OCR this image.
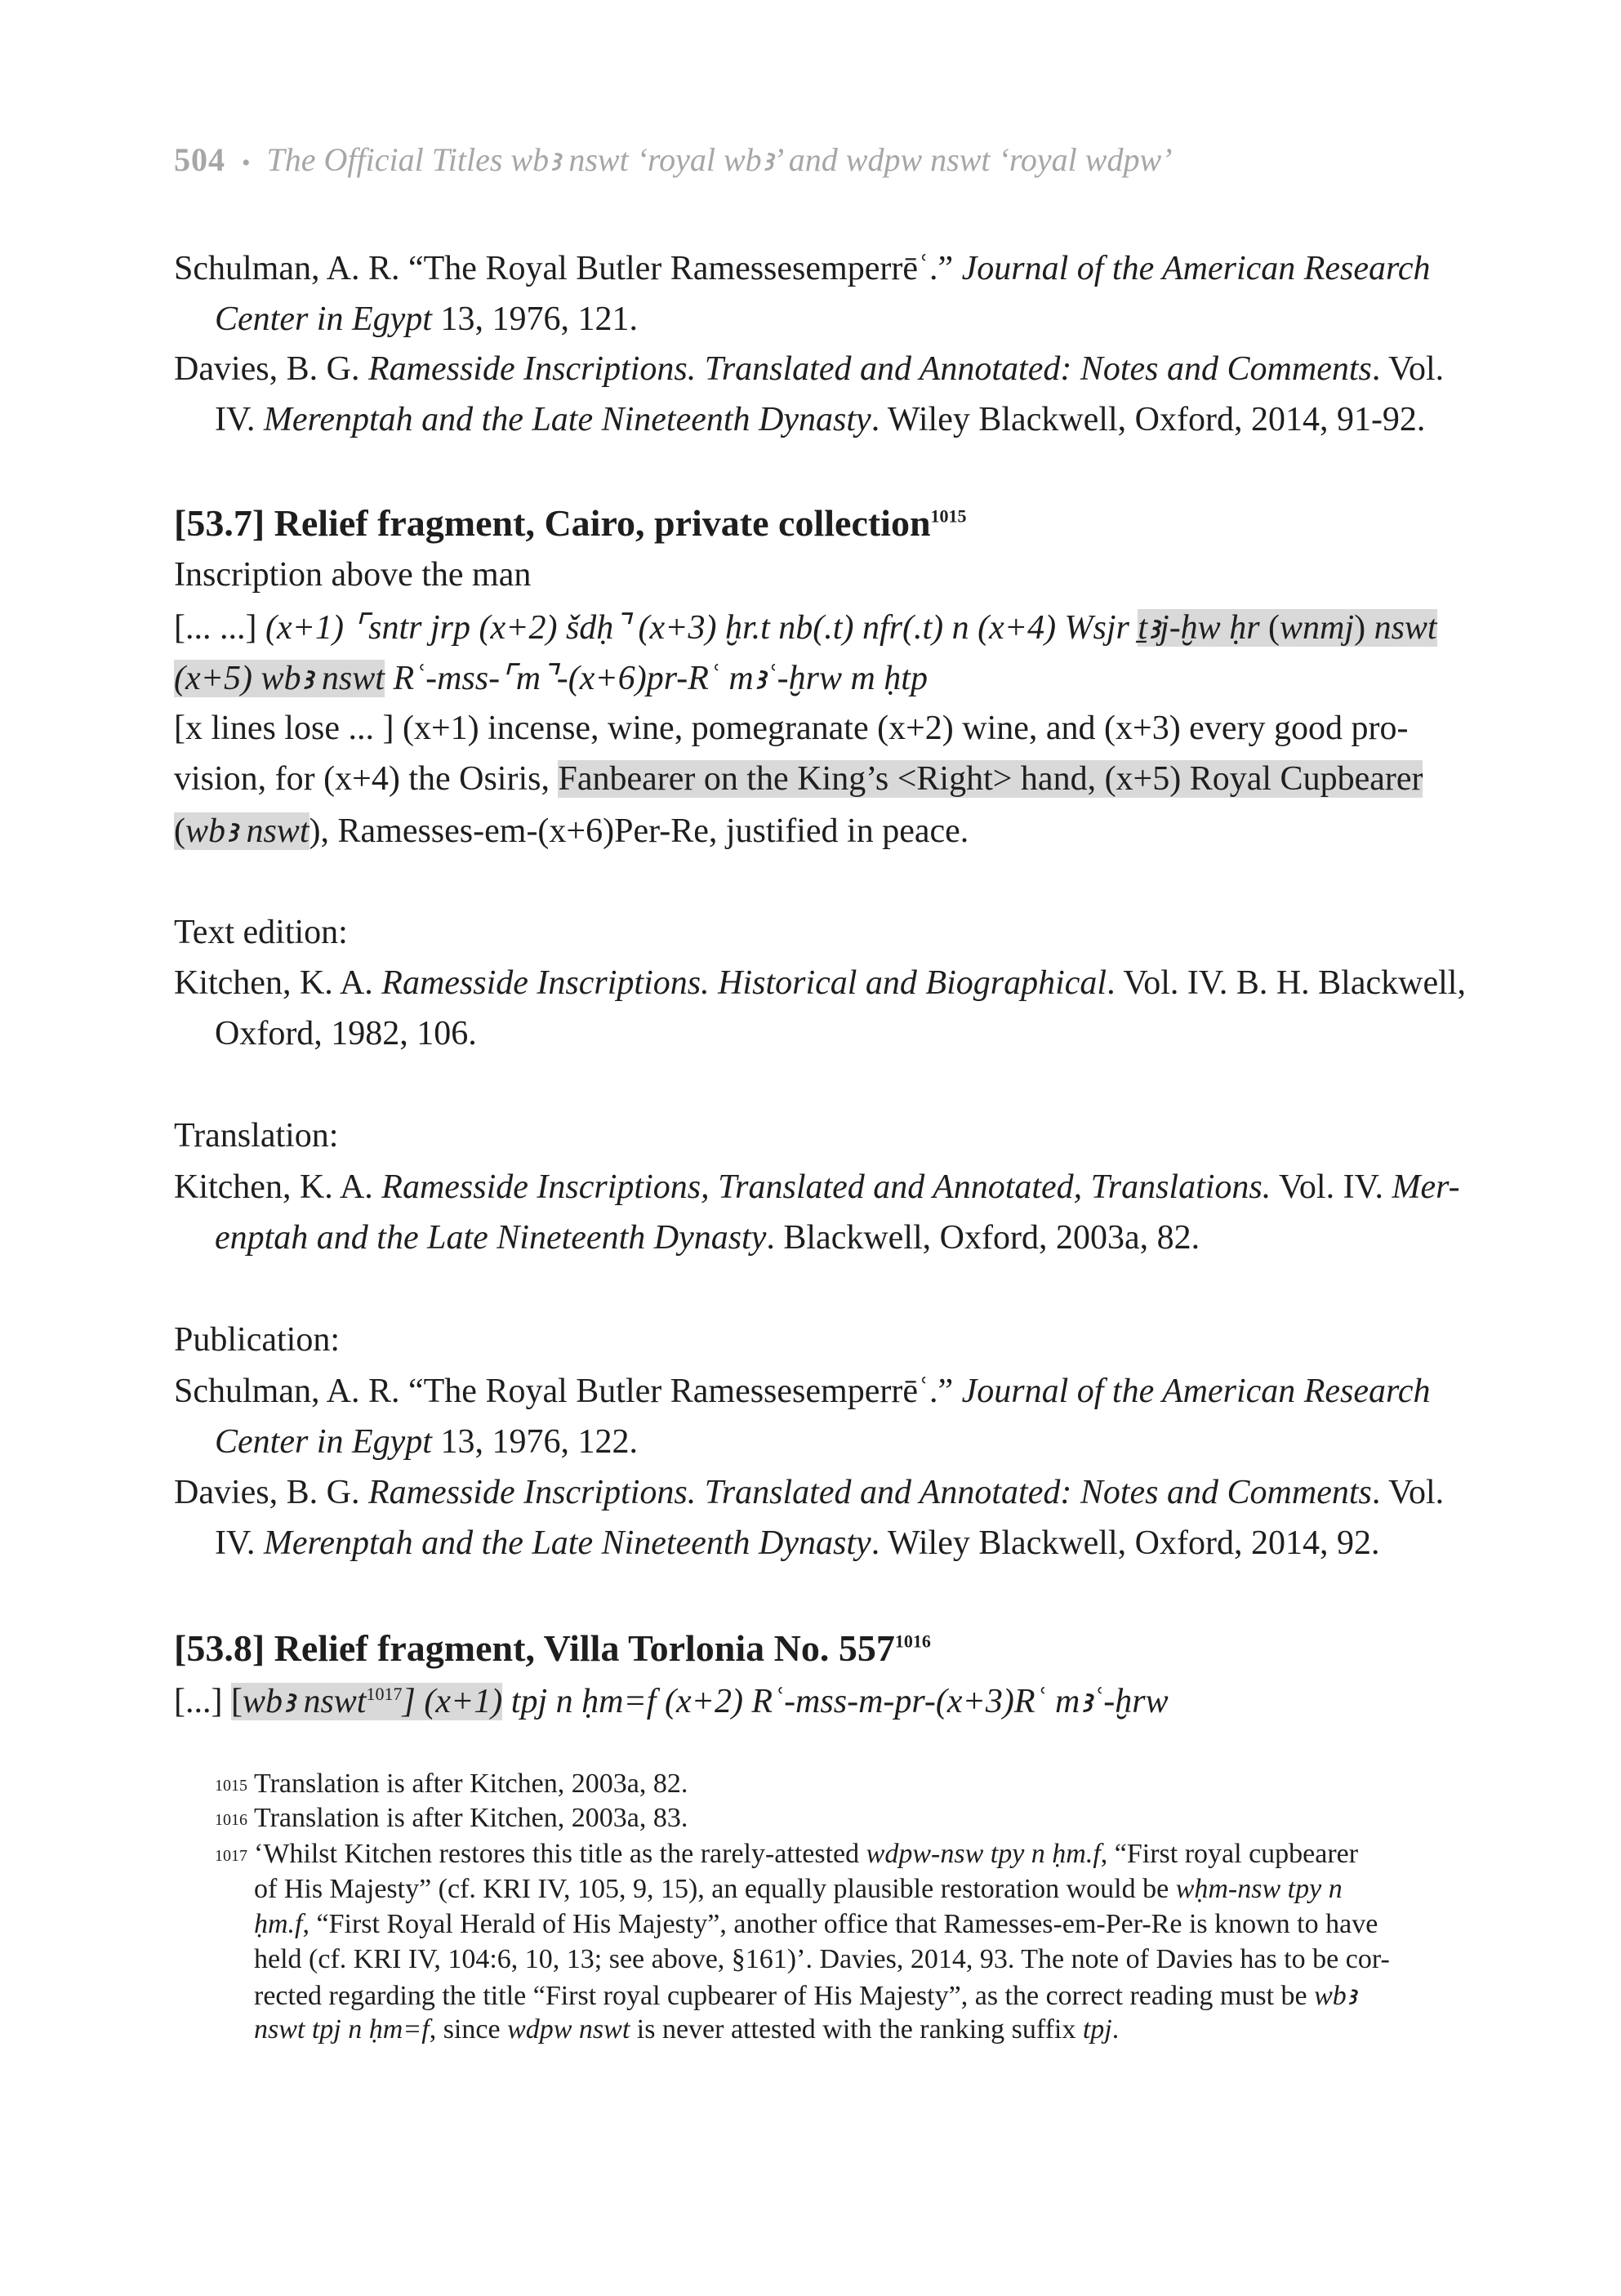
504 • The Official Titles wbꜣ nswt ‘royal wbꜣ’ and wdpw nswt ‘royal wdpw’
Schulman, A. R. “The Royal Butler Ramessesemperrēʿ.” Journal of the American Research
Center in Egypt 13, 1976, 121.
Davies, B. G. Ramesside Inscriptions. Translated and Annotated: Notes and Comments. Vol.
IV. Merenptah and the Late Nineteenth Dynasty. Wiley Blackwell, Oxford, 2014, 91-92.
[53.7] Relief fragment, Cairo, private collection$^{1015}$
Inscription above the man
[... ...] (x+1) ⌜sntr jrp (x+2) šdḥ⌝ (x+3) ḫr.t nb(.t) nfr(.t) n (x+4) Wsjr ṯꜣj-ḫw ḥr (wnmj) nswt
(x+5) wbꜣ nswt Rʿ-mss-⌜m⌝-(x+6)pr-Rʿ mꜣʿ-ḫrw m ḥtp
[x lines lose ... ] (x+1) incense, wine, pomegranate (x+2) wine, and (x+3) every good pro-
vision, for (x+4) the Osiris, Fanbearer on the King’s <Right> hand, (x+5) Royal Cupbearer
(wbꜣ nswt), Ramesses-em-(x+6)Per-Re, justified in peace.
Text edition:
Kitchen, K. A. Ramesside Inscriptions. Historical and Biographical. Vol. IV. B. H. Blackwell,
Oxford, 1982, 106.
Translation:
Kitchen, K. A. Ramesside Inscriptions, Translated and Annotated, Translations. Vol. IV. Mer-
enptah and the Late Nineteenth Dynasty. Blackwell, Oxford, 2003a, 82.
Publication:
Schulman, A. R. “The Royal Butler Ramessesemperrēʿ.” Journal of the American Research
Center in Egypt 13, 1976, 122.
Davies, B. G. Ramesside Inscriptions. Translated and Annotated: Notes and Comments. Vol.
IV. Merenptah and the Late Nineteenth Dynasty. Wiley Blackwell, Oxford, 2014, 92.
[53.8] Relief fragment, Villa Torlonia No. $557^{1016}$
[...] [wbꜣ nswt$^{1017}$] (x+1) tpj n ḥm=f (x+2) Rʿ-mss-m-pr-(x+3)Rʿ mꜣʿ-ḫrw
1015 Translation is after Kitchen, 2003a, 82.
1016 Translation is after Kitchen, 2003a, 83.
1017 ‘Whilst Kitchen restores this title as the rarely-attested wdpw-nsw tpy n ḥm.f, “First royal cupbearer
of His Majesty” (cf. KRI IV, 105, 9, 15), an equally plausible restoration would be wḥm-nsw tpy n
ḥm.f, “First Royal Herald of His Majesty”, another office that Ramesses-em-Per-Re is known to have
held (cf. KRI IV, 104:6, 10, 13; see above, §161)’. Davies, 2014, 93. The note of Davies has to be cor-
rected regarding the title “First royal cupbearer of His Majesty”, as the correct reading must be wbꜣ
nswt tpj n ḥm=f, since wdpw nswt is never attested with the ranking suffix tpj.
